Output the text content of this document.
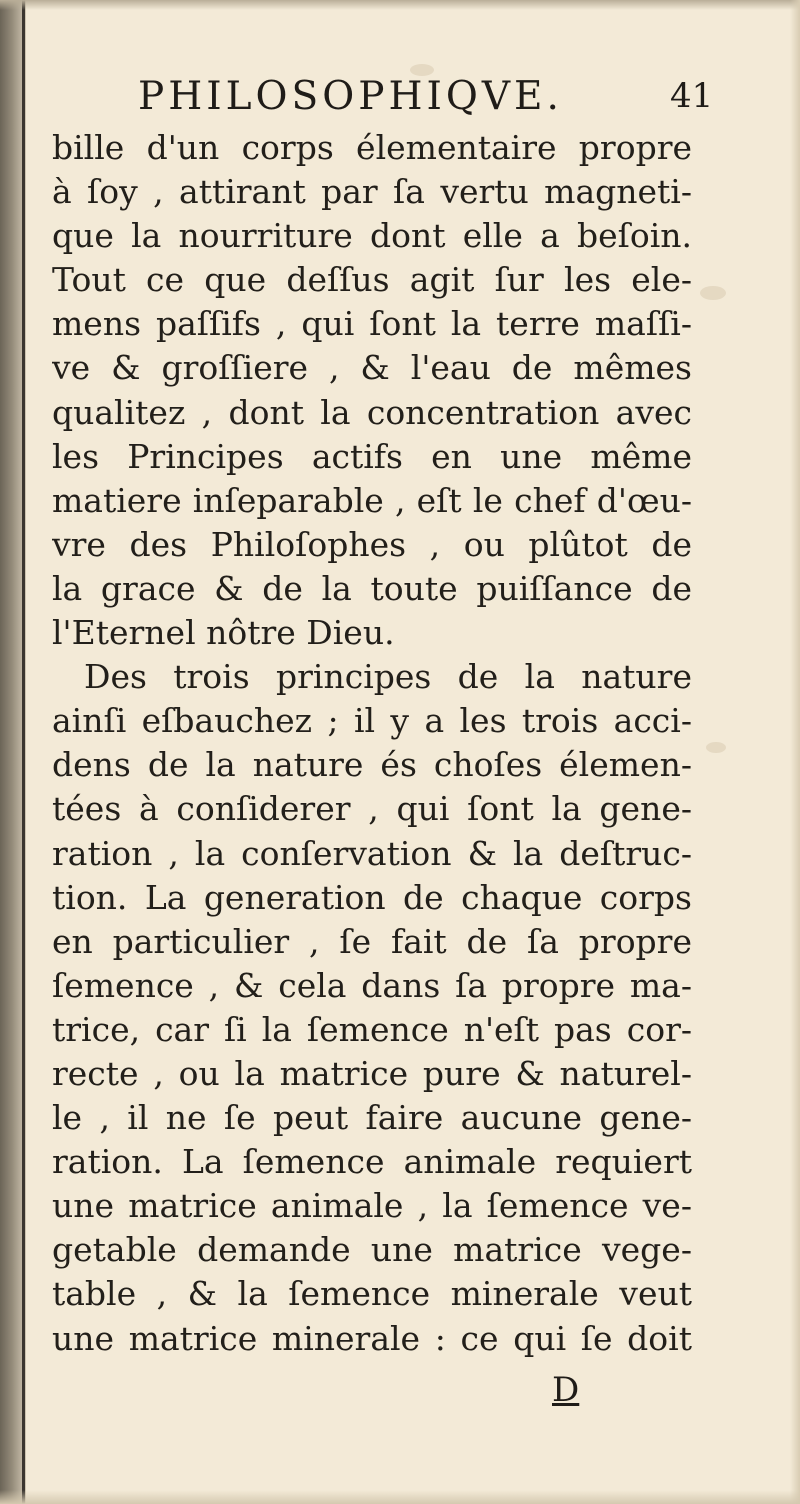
PHILOSOPHIQVE.	41
bille d'un corps élementaire propre
à ſoy , attirant par ſa vertu magneti-
que la nourriture dont elle a beſoin.
Tout ce que deſſus agit ſur les ele-
mens paſſifs , qui ſont la terre maſſi-
ve & groſſiere , & l'eau de mêmes
qualitez , dont la concentration avec
les Principes actifs en une même
matiere inſeparable , eſt le chef d'œu-
vre des Philoſophes , ou plûtot de
la grace & de la toute puiſſance de
l'Eternel nôtre Dieu.
Des trois principes de la nature
ainſi eſbauchez ; il y a les trois acci-
dens de la nature és choſes élemen-
tées à conſiderer , qui ſont la gene-
ration , la conſervation & la deſtruc-
tion. La generation de chaque corps
en particulier , ſe fait de ſa propre
ſemence , & cela dans ſa propre ma-
trice, car ſi la ſemence n'eſt pas cor-
recte , ou la matrice pure & naturel-
le , il ne ſe peut faire aucune gene-
ration. La ſemence animale requiert
une matrice animale , la ſemence ve-
getable demande une matrice vege-
table , & la ſemence minerale veut
une matrice minerale : ce qui ſe doit
D
